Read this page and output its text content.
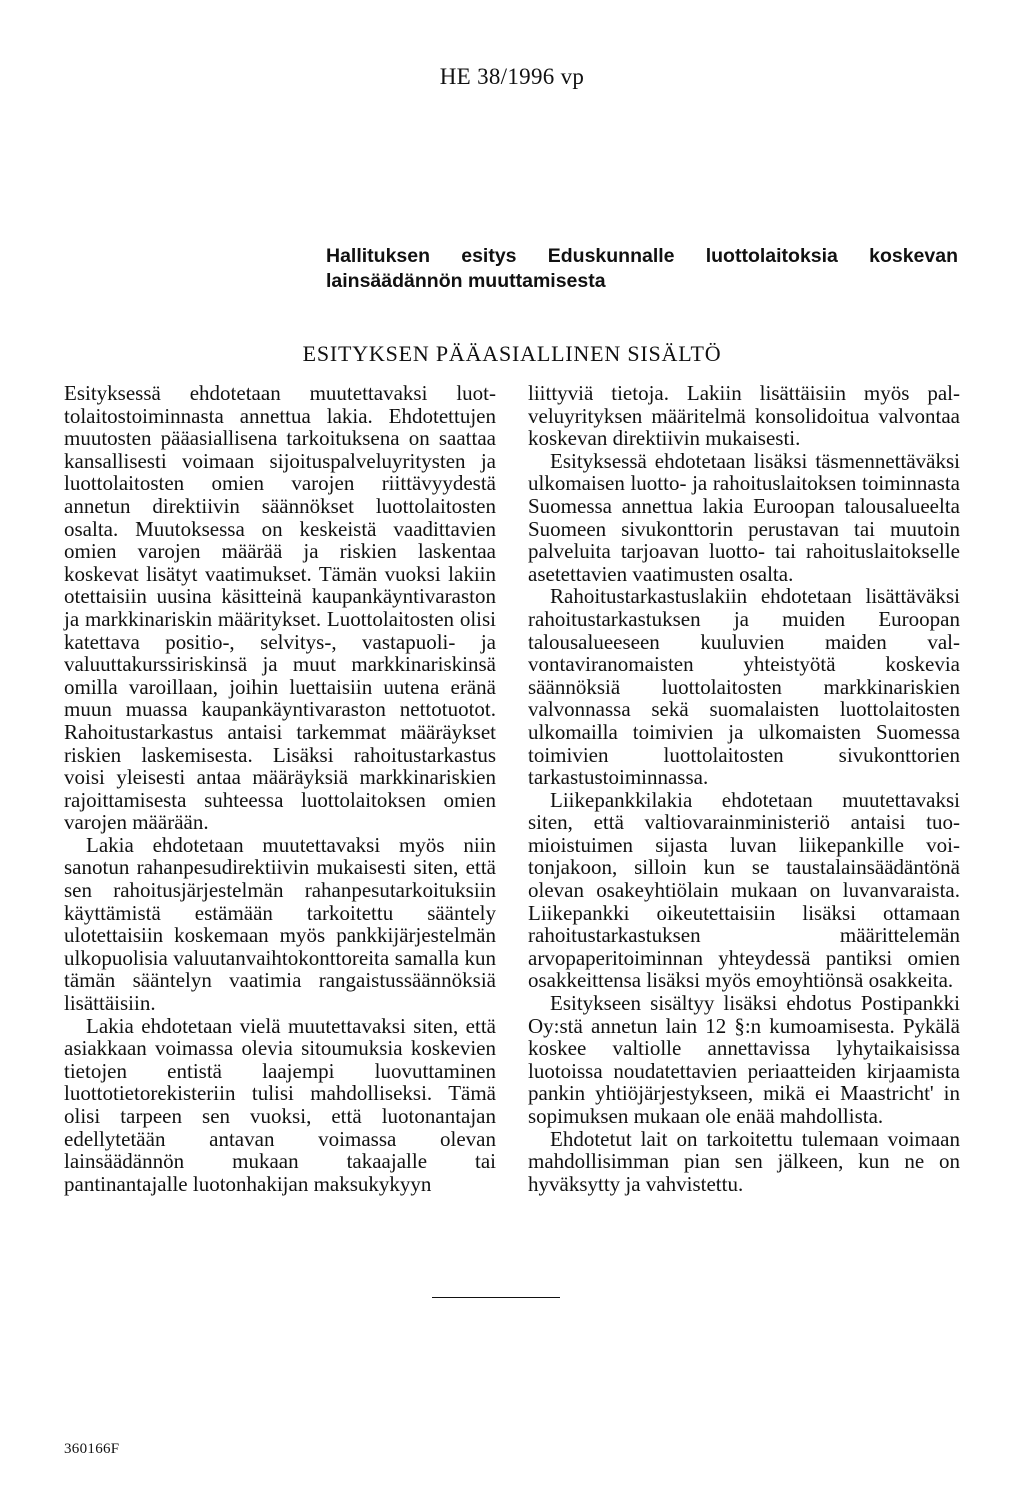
HE 38/1996 vp
Hallituksen esitys Eduskunnalle luottolaitoksia koskevan lainsäädännön muuttamisesta
ESITYKSEN PÄÄASIALLINEN SISÄLTÖ

Esityksessä ehdotetaan muutettavaksi luottolaitostoiminnasta annettua lakia. Ehdotettujen muutosten pääasiallisena tarkoituksena on saattaa kansallisesti voimaan sijoituspalveluyritysten ja luottolaitosten omien varojen riittävyydestä annetun direktiivin säännökset luottolaitosten osalta. Muutoksessa on keskeistä vaadittavien omien varojen määrää ja riskien laskentaa koskevat lisätyt vaatimukset. Tämän vuoksi lakiin otettaisiin uusina käsitteinä kaupankäyntivaraston ja markkinariskin määritykset. Luottolaitosten olisi katettava positio-, selvitys-, vastapuoli- ja valuuttakurssiriskinsä ja muut markkinariskinsä omilla varoillaan, joihin luettaisiin uutena eränä muun muassa kaupankäyntivaraston nettotuotot. Rahoitustarkastus antaisi tarkemmat määräykset riskien laskemisesta. Lisäksi rahoitustarkastus voisi yleisesti antaa määräyksiä markkinariskien rajoittamisesta suhteessa luottolaitoksen omien varojen määrään.

Lakia ehdotetaan muutettavaksi myös niin sanotun rahanpesudirektiivin mukaisesti siten, että sen rahoitusjärjestelmän rahanpesutarkoituksiin käyttämistä estämään tarkoitettu sääntely ulotettaisiin koskemaan myös pankkijärjestelmän ulkopuolisia valuutanvaihtokonttoreita samalla kun tämän sääntelyn vaatimia rangaistussäännöksiä lisättäisiin.

Lakia ehdotetaan vielä muutettavaksi siten, että asiakkaan voimassa olevia sitoumuksia koskevien tietojen entistä laajempi luovuttaminen luottotietorekisteriin tulisi mahdolliseksi. Tämä olisi tarpeen sen vuoksi, että luotonantajan edellytetään antavan voimassa olevan lainsäädännön mukaan takaajalle tai pantinantajalle luotonhakijan maksukykyyn

liittyviä tietoja. Lakiin lisättäisiin myös palveluyrityksen määritelmä konsolidoitua valvontaa koskevan direktiivin mukaisesti.

Esityksessä ehdotetaan lisäksi täsmennettäväksi ulkomaisen luotto- ja rahoituslaitoksen toiminnasta Suomessa annettua lakia Euroopan talousalueelta Suomeen sivukonttorin perustavan tai muutoin palveluita tarjoavan luotto- tai rahoituslaitokselle asetettavien vaatimusten osalta.

Rahoitustarkastuslakiin ehdotetaan lisättäväksi rahoitustarkastuksen ja muiden Euroopan talousalueeseen kuuluvien maiden valvontaviranomaisten yhteistyötä koskevia säännöksiä luottolaitosten markkinariskien valvonnassa sekä suomalaisten luottolaitosten ulkomailla toimivien ja ulkomaisten Suomessa toimivien luottolaitosten sivukonttorien tarkastustoiminnassa.

Liikepankkilakia ehdotetaan muutettavaksi siten, että valtiovarainministeriö antaisi tuomioistuimen sijasta luvan liikepankille voitonjakoon, silloin kun se taustalainsäädäntönä olevan osakeyhtiölain mukaan on luvanvaraista. Liikepankki oikeutettaisiin lisäksi ottamaan rahoitustarkastuksen määrittelemän arvopaperitoiminnan yhteydessä pantiksi omien osakkeittensa lisäksi myös emoyhtiönsä osakkeita.

Esitykseen sisältyy lisäksi ehdotus Postipankki Oy:stä annetun lain 12 §:n kumoamisesta. Pykälä koskee valtiolle annettavissa lyhytaikaisissa luotoissa noudatettavien periaatteiden kirjaamista pankin yhtiöjärjestykseen, mikä ei Maastricht' in sopimuksen mukaan ole enää mahdollista.

Ehdotetut lait on tarkoitettu tulemaan voimaan mahdollisimman pian sen jälkeen, kun ne on hyväksytty ja vahvistettu.

360166F
